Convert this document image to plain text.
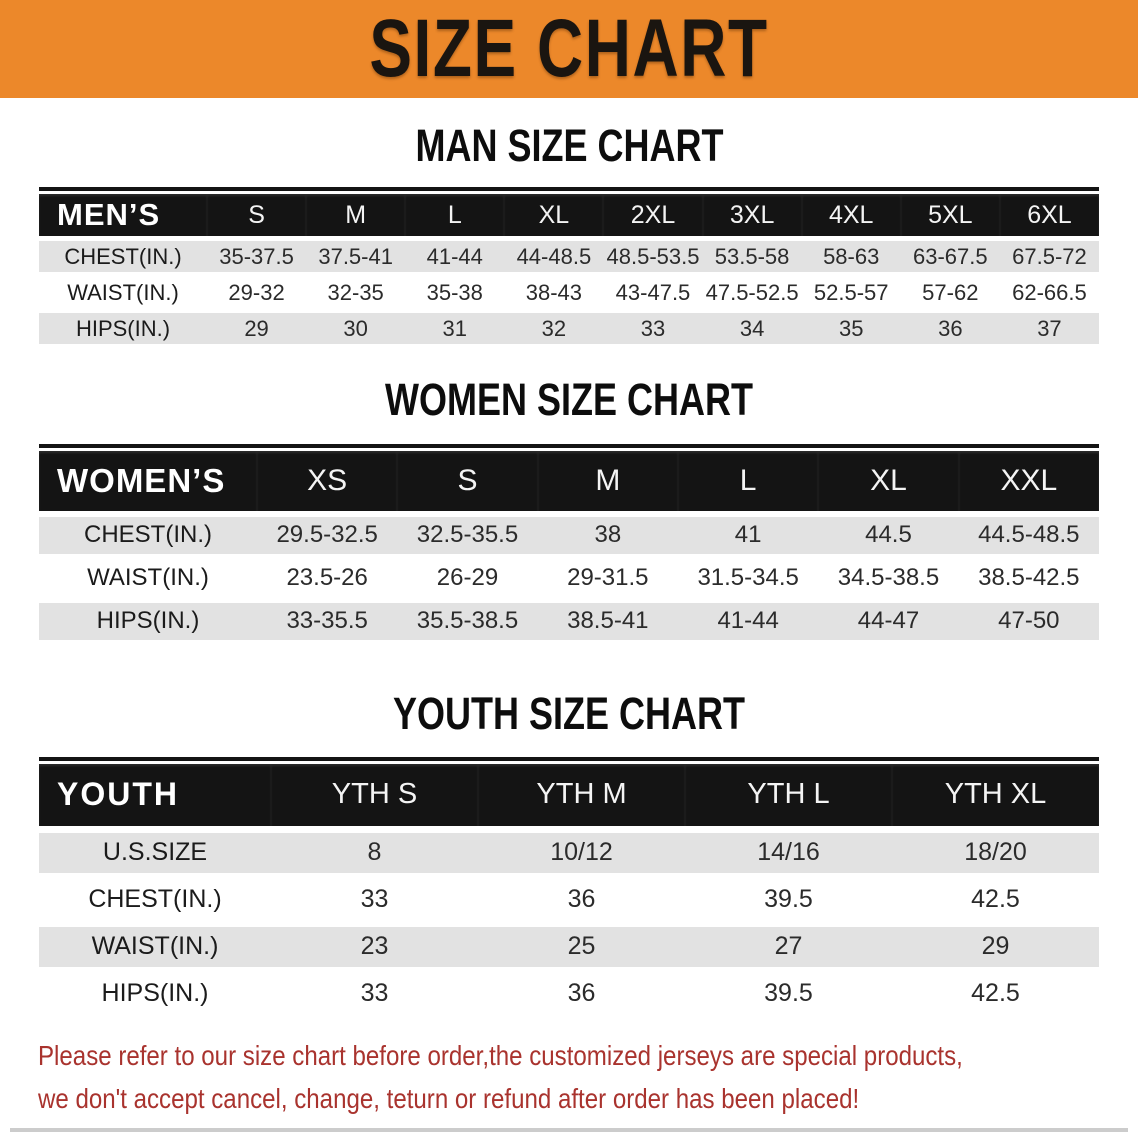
SIZE CHART
MAN SIZE CHART
MEN’S	S	M	L	XL	2XL	3XL	4XL	5XL	6XL

CHEST(IN.)	35-37.5	37.5-41	41-44	44-48.5	48.5-53.5	53.5-58	58-63	63-67.5	67.5-72

WAIST(IN.)	29-32	32-35	35-38	38-43	43-47.5	47.5-52.5	52.5-57	57-62	62-66.5

HIPS(IN.)	29	30	31	32	33	34	35	36	37
WOMEN SIZE CHART
WOMEN’S	XS	S	M	L	XL	XXL

CHEST(IN.)	29.5-32.5	32.5-35.5	38	41	44.5	44.5-48.5

WAIST(IN.)	23.5-26	26-29	29-31.5	31.5-34.5	34.5-38.5	38.5-42.5

HIPS(IN.)	33-35.5	35.5-38.5	38.5-41	41-44	44-47	47-50
YOUTH SIZE CHART
YOUTH	YTH S	YTH M	YTH L	YTH XL

U.S.SIZE	8	10/12	14/16	18/20

CHEST(IN.)	33	36	39.5	42.5

WAIST(IN.)	23	25	27	29

HIPS(IN.)	33	36	39.5	42.5

Please refer to our size chart before order,the customized jerseys are special products,

we don't accept cancel, change, teturn or refund after order has been placed!
